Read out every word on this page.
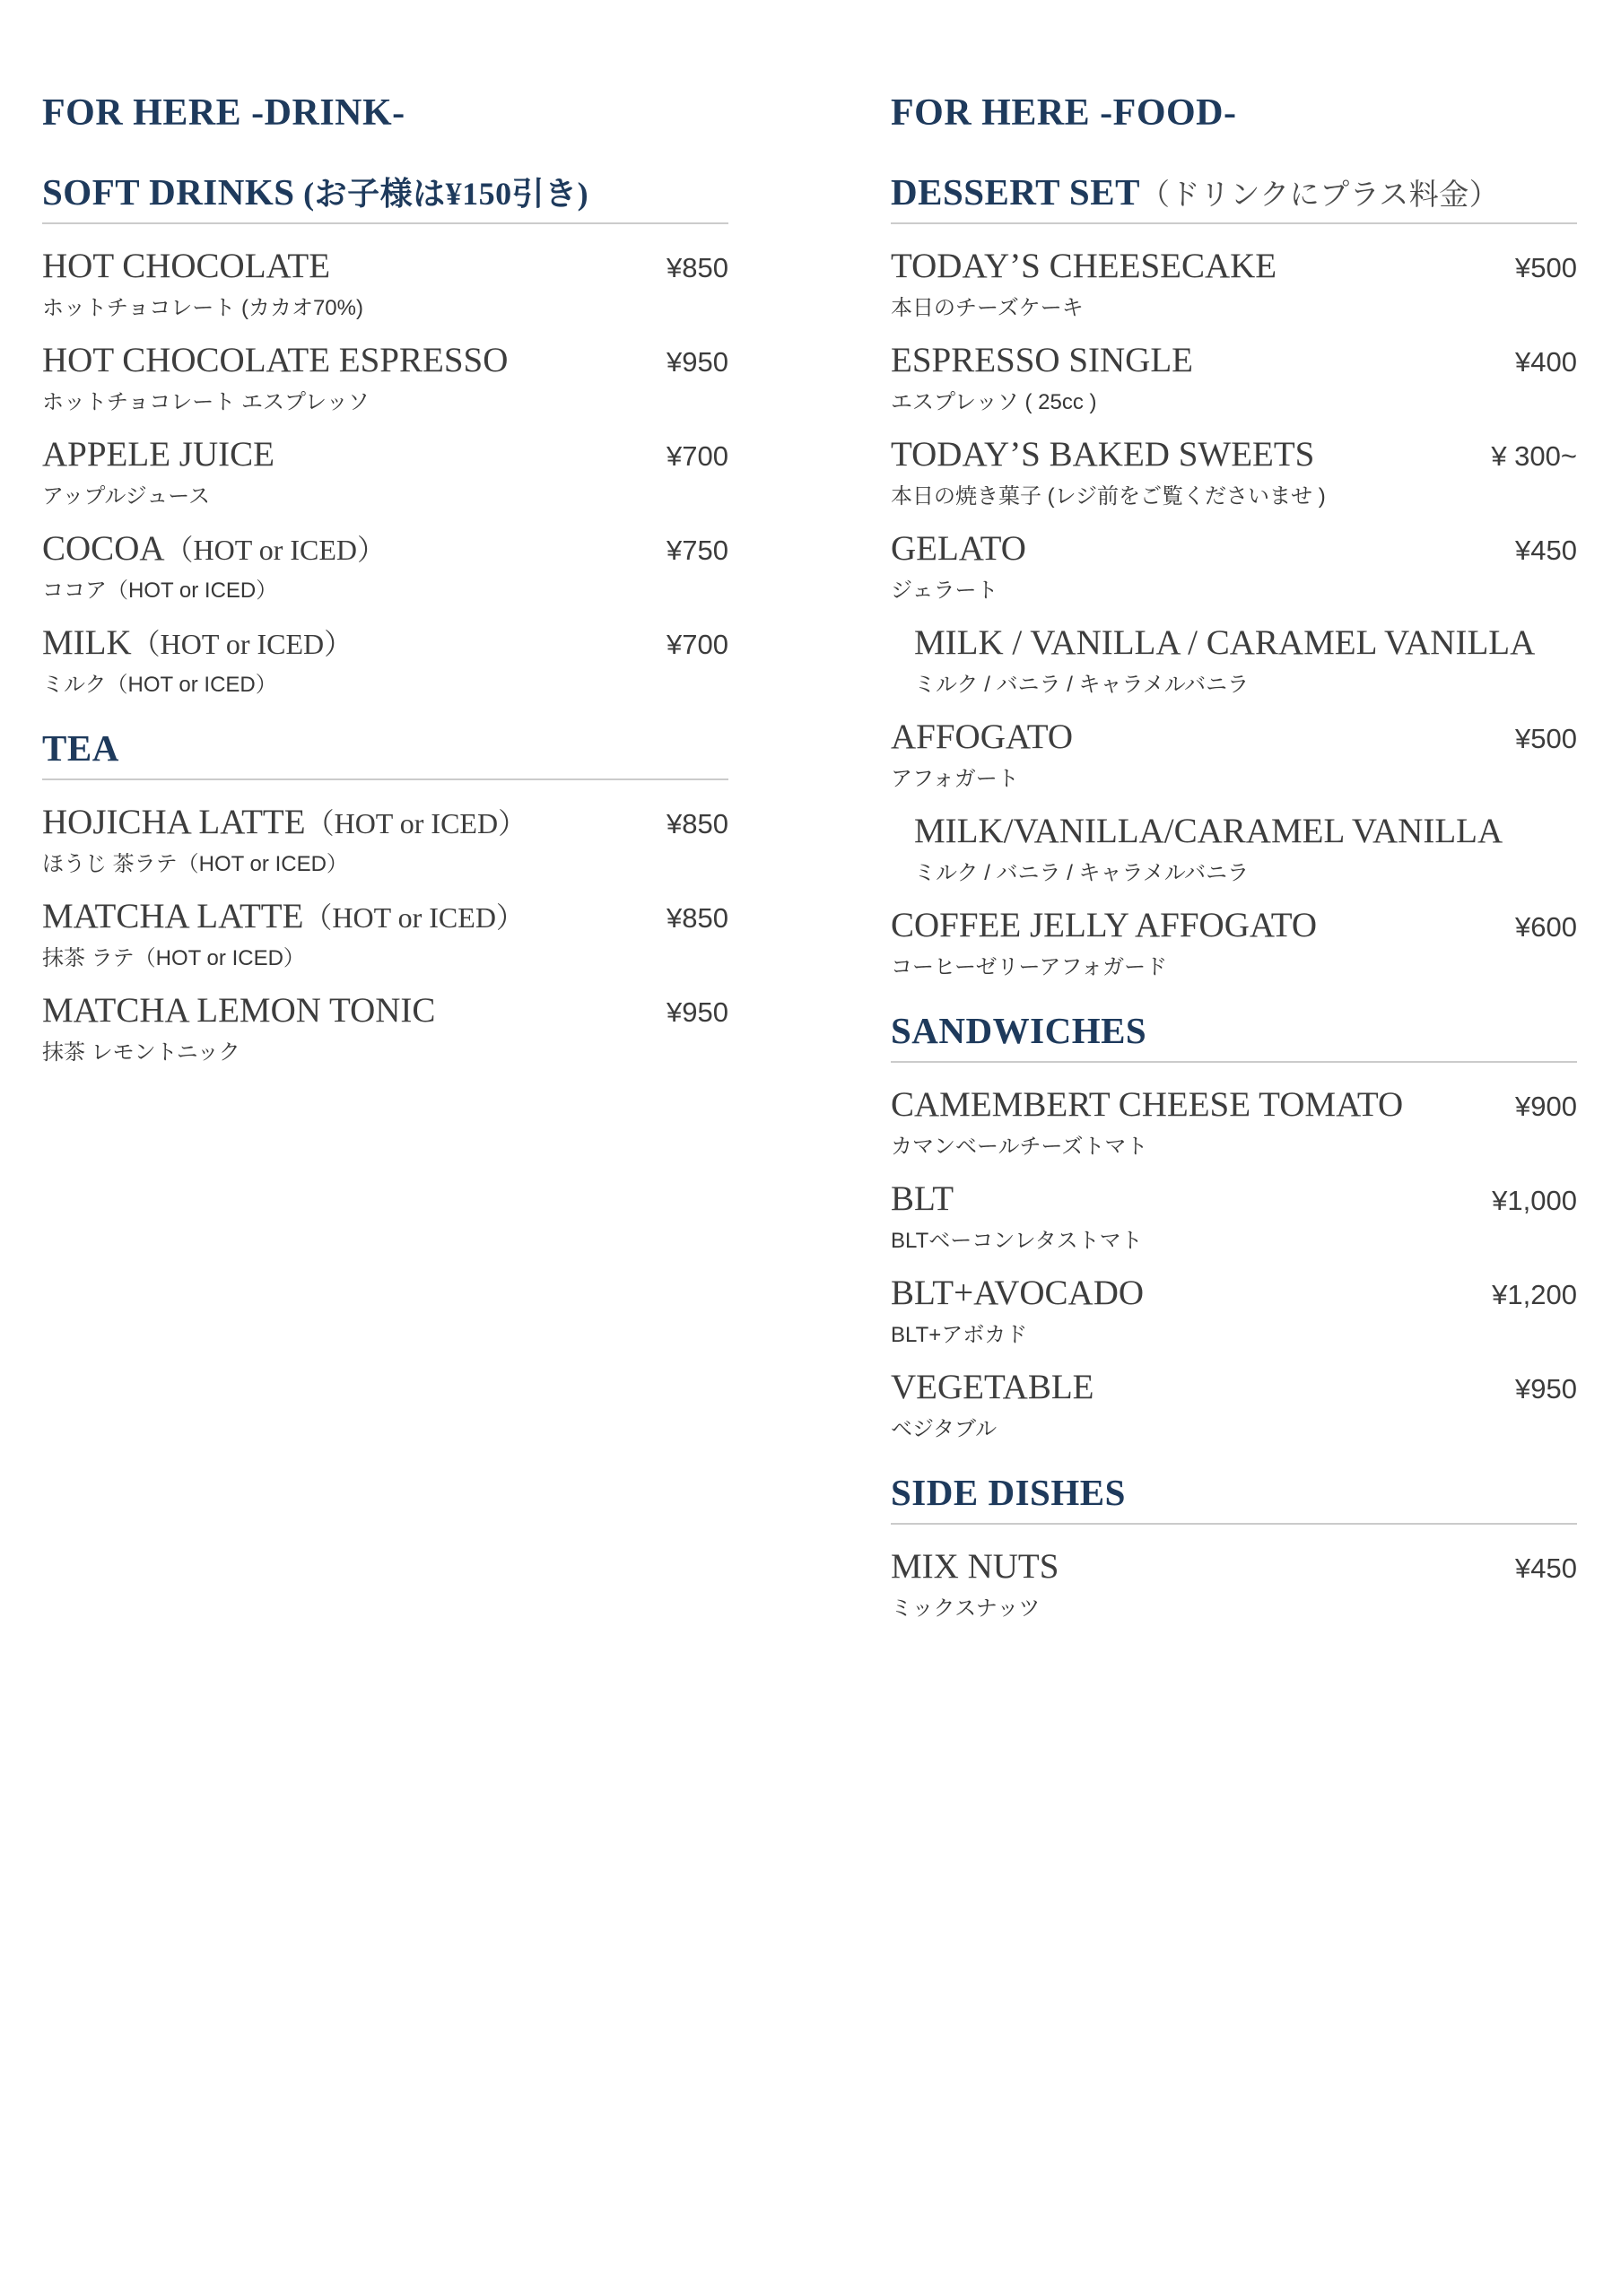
FOR HERE -DRINK-
SOFT DRINKS (お子様は¥150引き)
HOT CHOCOLATE	¥850
ホットチョコレート (カカオ70%)
HOT CHOCOLATE ESPRESSO	¥950
ホットチョコレート エスプレッソ
APPELE JUICE	¥700
アップルジュース
COCOA（HOT or ICED）	¥750
ココア（HOT or ICED）
MILK（HOT or ICED）	¥700
ミルク（HOT or ICED）
TEA
HOJICHA LATTE（HOT or ICED）	¥850
ほうじ 茶ラテ（HOT or ICED）
MATCHA LATTE（HOT or ICED）	¥850
抹茶 ラテ（HOT or ICED）
MATCHA LEMON TONIC	¥950
抹茶 レモントニック
FOR HERE -FOOD-
DESSERT SET（ドリンクにプラス料金）
TODAY’S CHEESECAKE	¥500
本日のチーズケーキ
ESPRESSO SINGLE	¥400
エスプレッソ ( 25cc )
TODAY’S BAKED SWEETS	¥ 300~
本日の焼き菓子 (レジ前をご覧くださいませ )
GELATO	¥450
ジェラート
MILK / VANILLA / CARAMEL VANILLA
ミルク / バニラ / キャラメルバニラ
AFFOGATO	¥500
アフォガート
MILK/VANILLA/CARAMEL VANILLA
ミルク / バニラ / キャラメルバニラ
COFFEE JELLY AFFOGATO	¥600
コーヒーゼリーアフォガード
SANDWICHES
CAMEMBERT CHEESE TOMATO	¥900
カマンベールチーズトマト
BLT	¥1,000
BLTベーコンレタストマト
BLT+AVOCADO	¥1,200
BLT+アボカド
VEGETABLE	¥950
ベジタブル
SIDE DISHES
MIX NUTS	¥450
ミックスナッツ
